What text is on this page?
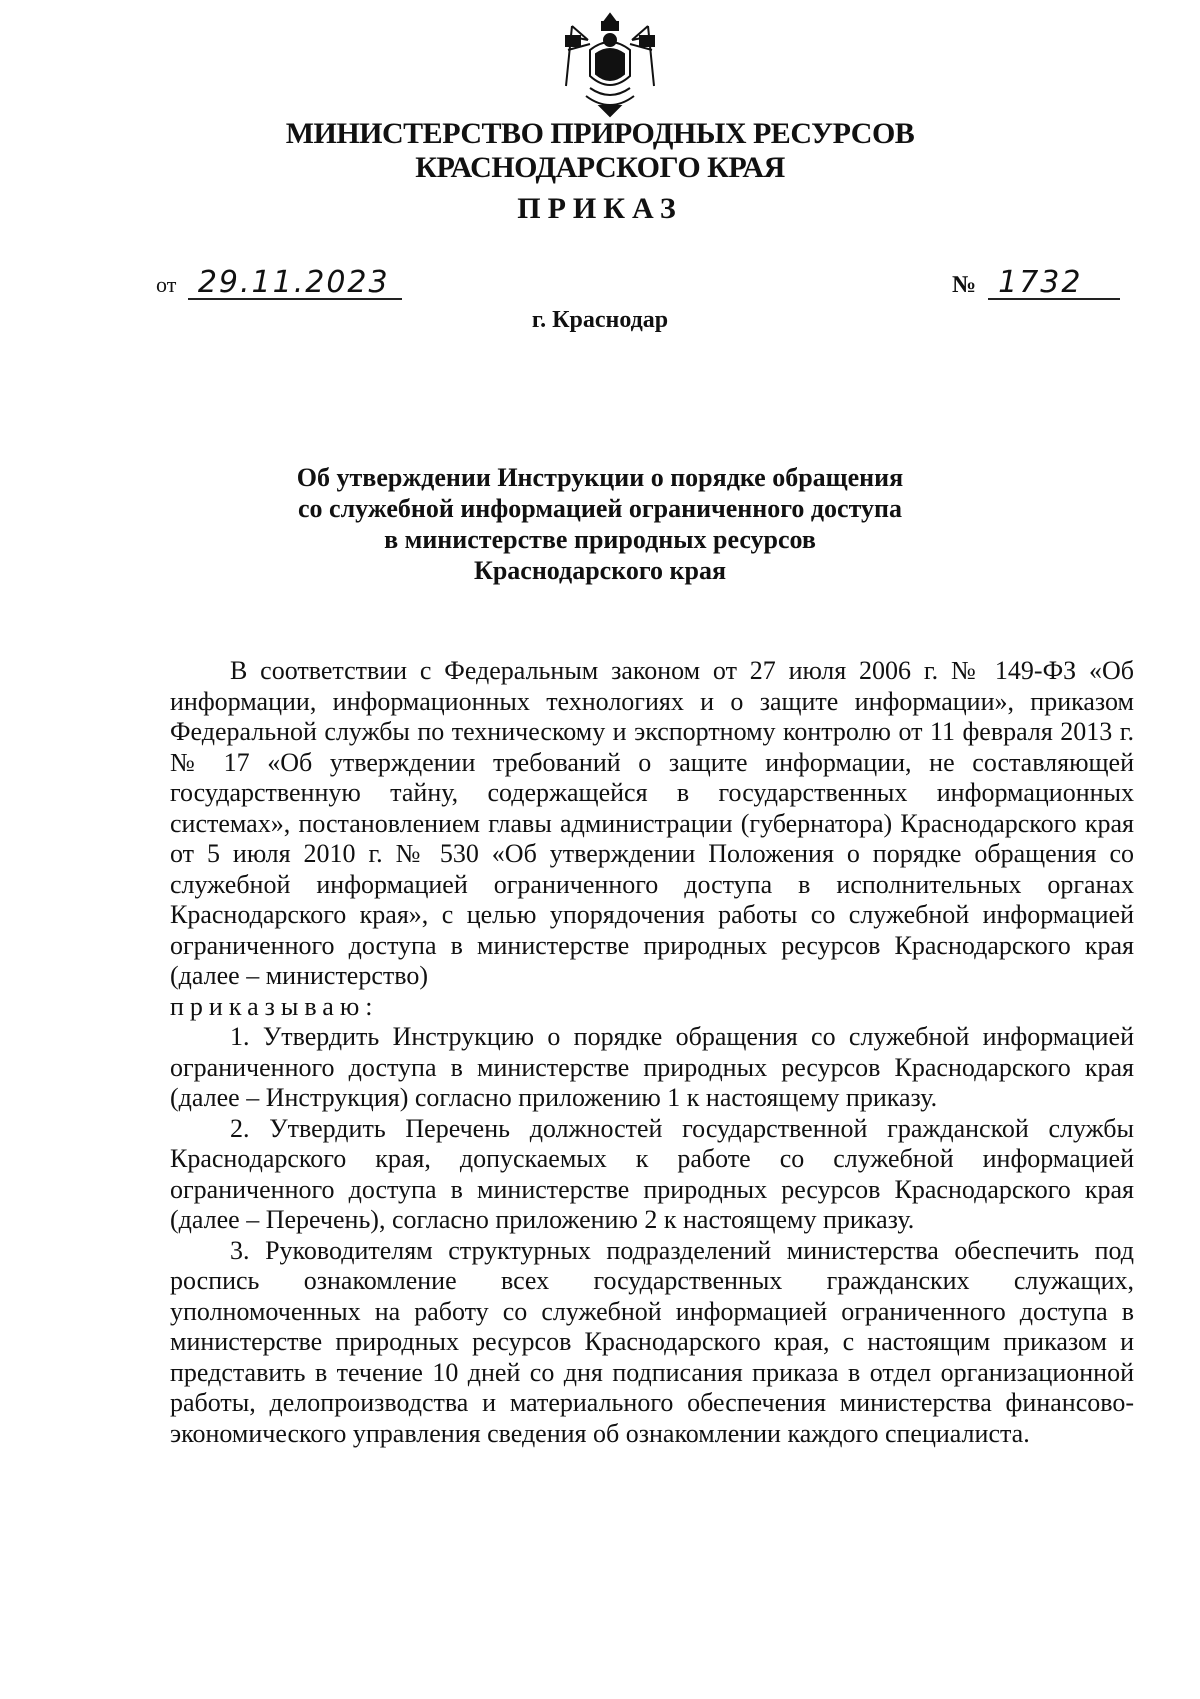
МИНИСТЕРСТВО ПРИРОДНЫХ РЕСУРСОВ
КРАСНОДАРСКОГО КРАЯ
ПРИКАЗ
от 29.11.2023	№ 1732
г. Краснодар
Об утверждении Инструкции о порядке обращения
со служебной информацией ограниченного доступа
в министерстве природных ресурсов
Краснодарского края

В соответствии с Федеральным законом от 27 июля 2006 г. № 149-ФЗ «Об информации, информационных технологиях и о защите информации», приказом Федеральной службы по техническому и экспортному контролю от 11 февраля 2013 г. № 17 «Об утверждении требований о защите информации, не составляющей государственную тайну, содержащейся в государственных информационных системах», постановлением главы администрации (губернатора) Краснодарского края от 5 июля 2010 г. № 530 «Об утверждении Положения о порядке обращения со служебной информацией ограниченного доступа в исполнительных органах Краснодарского края», с целью упорядочения работы со служебной информацией ограниченного доступа в министерстве природных ресурсов Краснодарского края (далее – министерство)

приказываю:

1. Утвердить Инструкцию о порядке обращения со служебной информацией ограниченного доступа в министерстве природных ресурсов Краснодарского края (далее – Инструкция) согласно приложению 1 к настоящему приказу.

2. Утвердить Перечень должностей государственной гражданской службы Краснодарского края, допускаемых к работе со служебной информацией ограниченного доступа в министерстве природных ресурсов Краснодарского края (далее – Перечень), согласно приложению 2 к настоящему приказу.

3. Руководителям структурных подразделений министерства обеспечить под роспись ознакомление всех государственных гражданских служащих, уполномоченных на работу со служебной информацией ограниченного доступа в министерстве природных ресурсов Краснодарского края, с настоящим приказом и представить в течение 10 дней со дня подписания приказа в отдел организационной работы, делопроизводства и материального обеспечения министерства финансово-экономического управления сведения об ознакомлении каждого специалиста.
